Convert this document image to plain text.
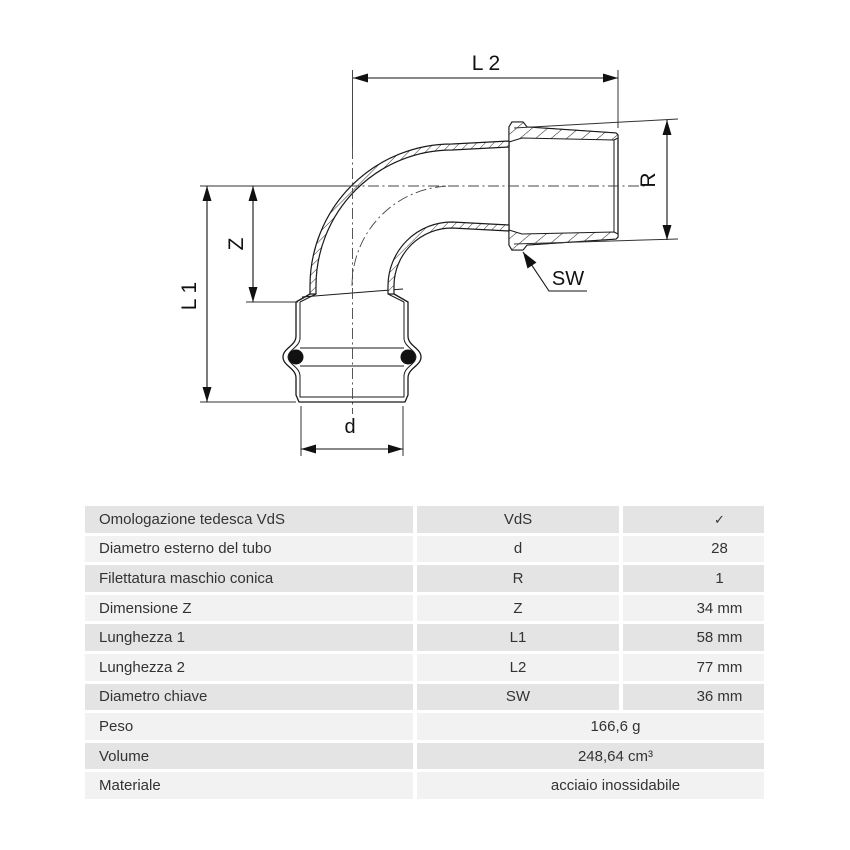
L 2
R
SW
Z
L 1
d
Omologazione tedesca VdS	VdS	✓
Diametro esterno del tubo	d	28
Filettatura maschio conica	R	1
Dimensione Z	Z	34 mm
Lunghezza 1	L1	58 mm
Lunghezza 2	L2	77 mm
Diametro chiave	SW	36 mm
Peso	166,6 g
Volume	248,64 cm³
Materiale	acciaio inossidabile
